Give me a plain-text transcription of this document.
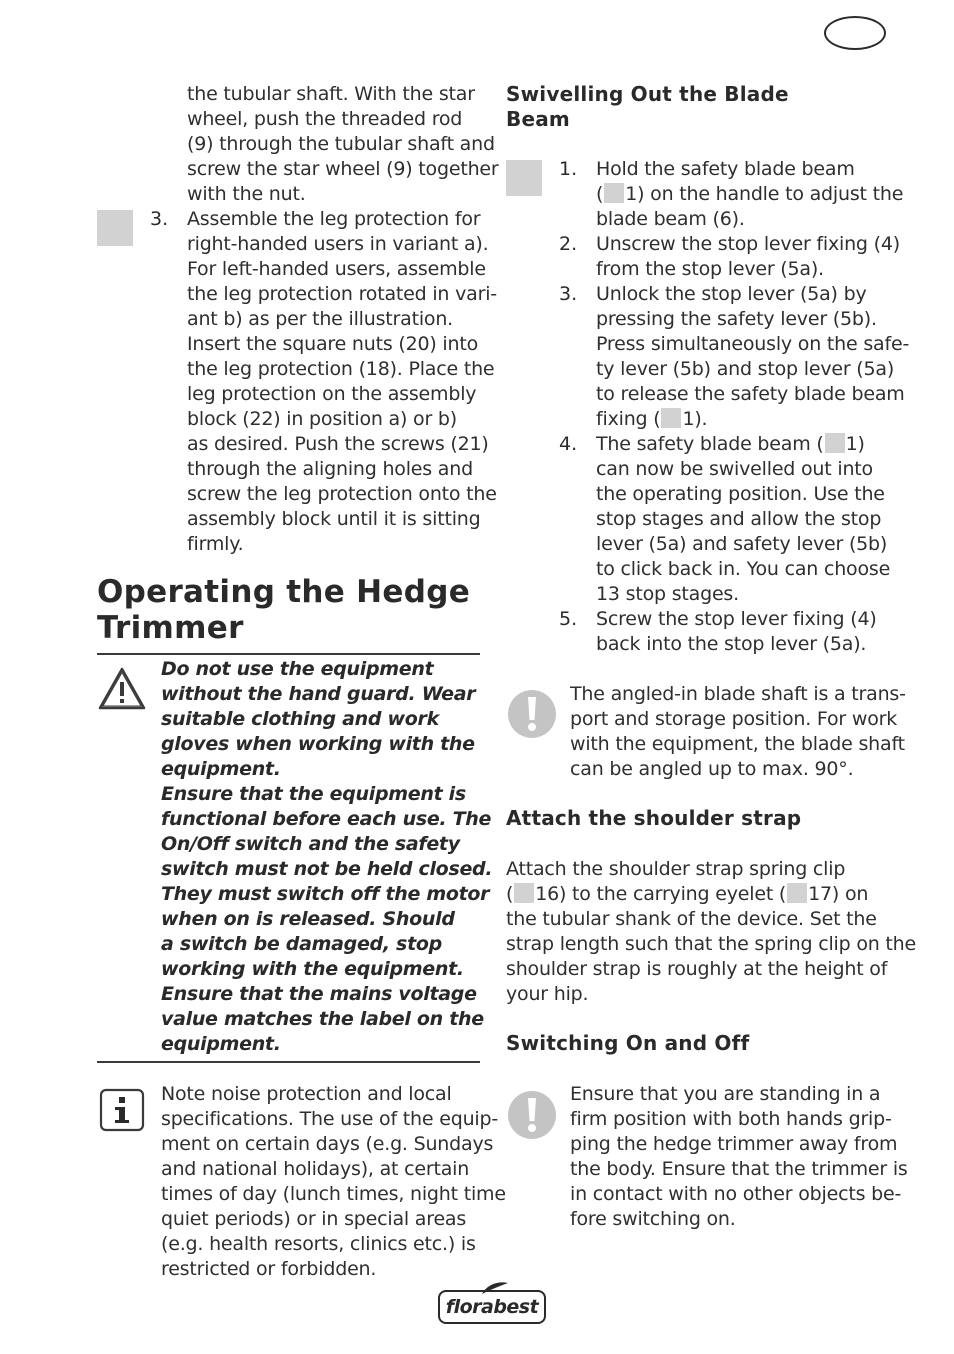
the tubular shaft. With the star
wheel, push the threaded rod
(9) through the tubular shaft and
screw the star wheel (9) together
with the nut.
3. Assemble the leg protection for
right-handed users in variant a).
For left-handed users, assemble
the leg protection rotated in vari-
ant b) as per the illustration.
Insert the square nuts (20) into
the leg protection (18). Place the
leg protection on the assembly
block (22) in position a) or b)
as desired. Push the screws (21)
through the aligning holes and
screw the leg protection onto the
assembly block until it is sitting
firmly.
Operating the Hedge
Trimmer
Do not use the equipment
without the hand guard. Wear
suitable clothing and work
gloves when working with the
equipment.
Ensure that the equipment is
functional before each use. The
On/Off switch and the safety
switch must not be held closed.
They must switch off the motor
when on is released. Should
a switch be damaged, stop
working with the equipment.
Ensure that the mains voltage
value matches the label on the
equipment.
Note noise protection and local
specifications. The use of the equip-
ment on certain days (e.g. Sundays
and national holidays), at certain
times of day (lunch times, night time
quiet periods) or in special areas
(e.g. health resorts, clinics etc.) is
restricted or forbidden.
Swivelling Out the Blade
Beam
1. Hold the safety blade beam
( 1) on the handle to adjust the
blade beam (6).
2. Unscrew the stop lever fixing (4)
from the stop lever (5a).
3. Unlock the stop lever (5a) by
pressing the safety lever (5b).
Press simultaneously on the safe-
ty lever (5b) and stop lever (5a)
to release the safety blade beam
fixing ( 1).
4. The safety blade beam ( 1)
can now be swivelled out into
the operating position. Use the
stop stages and allow the stop
lever (5a) and safety lever (5b)
to click back in. You can choose
13 stop stages.
5. Screw the stop lever fixing (4)
back into the stop lever (5a).
The angled-in blade shaft is a trans-
port and storage position. For work
with the equipment, the blade shaft
can be angled up to max. 90°.
Attach the shoulder strap
Attach the shoulder strap spring clip
( 16) to the carrying eyelet ( 17) on
the tubular shank of the device. Set the
strap length such that the spring clip on the
shoulder strap is roughly at the height of
your hip.
Switching On and Off
Ensure that you are standing in a
firm position with both hands grip-
ping the hedge trimmer away from
the body. Ensure that the trimmer is
in contact with no other objects be-
fore switching on.
florabest
